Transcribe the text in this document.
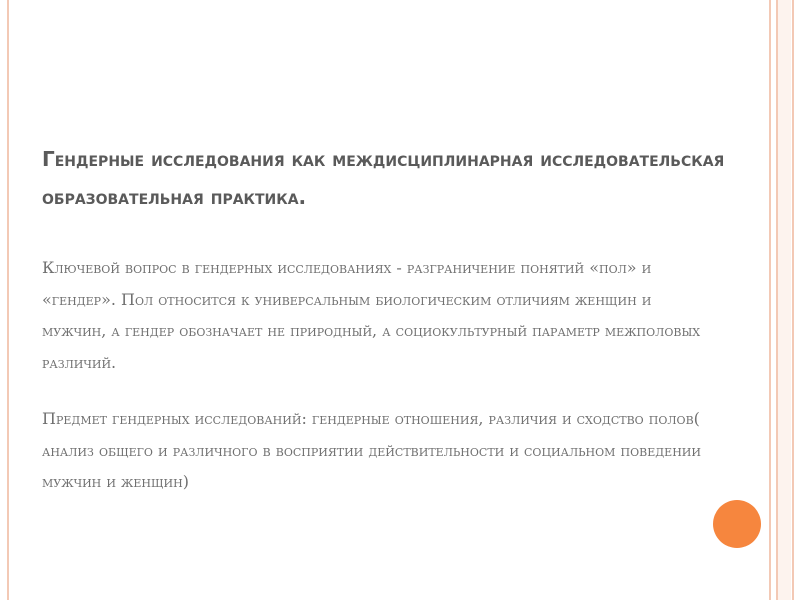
Гендерные исследования как междисциплинарная исследовательская образовательная практика.

Ключевой вопрос в гендерных исследованиях - разграничение понятий «пол» и «гендер». Пол относится к универсальным биологическим отличиям женщин и мужчин, а гендер обозначает не природный, а социокультурный параметр межполовых различий.

Предмет гендерных исследований: гендерные отношения, различия и сходство полов( анализ общего и различного в восприятии действительности и социальном поведении мужчин и женщин)
